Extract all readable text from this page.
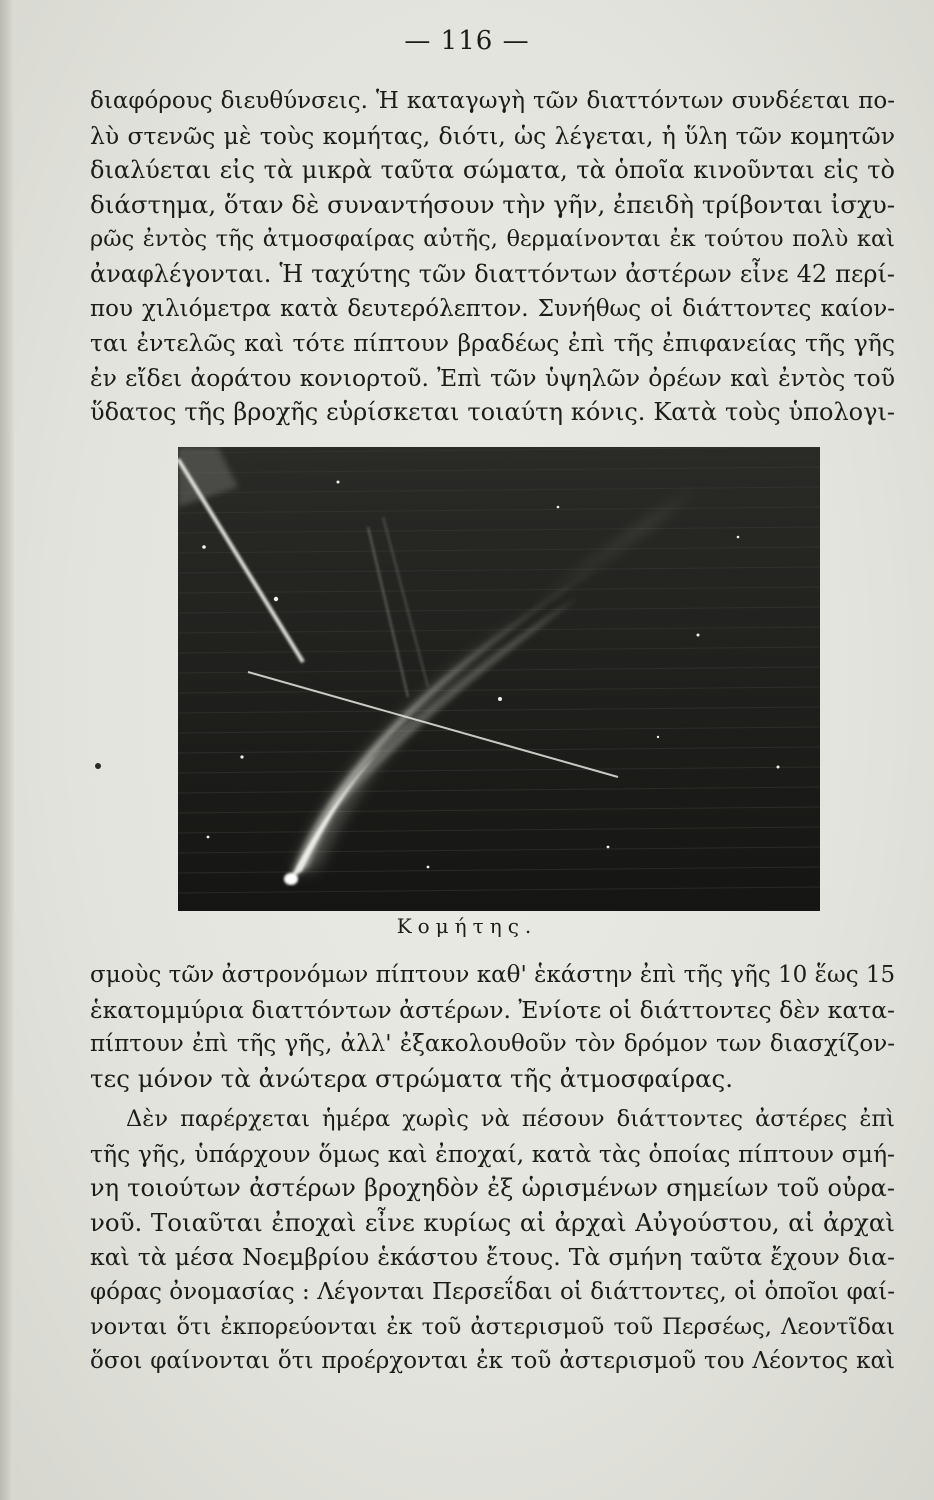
— 116 —

διαφόρους διευθύνσεις. Ἡ καταγωγὴ τῶν διαττόντων συνδέεται πο-
λὺ στενῶς μὲ τοὺς κομήτας, διότι, ὡς λέγεται, ἡ ὕλη τῶν κομητῶν
διαλύεται εἰς τὰ μικρὰ ταῦτα σώματα, τὰ ὁποῖα κινοῦνται εἰς τὸ
διάστημα, ὅταν δὲ συναντήσουν τὴν γῆν, ἐπειδὴ τρίβονται ἰσχυ-
ρῶς ἐντὸς τῆς ἀτμοσφαίρας αὐτῆς, θερμαίνονται ἐκ τούτου πολὺ καὶ
ἀναφλέγονται. Ἡ ταχύτης τῶν διαττόντων ἀστέρων εἶνε 42 περί-
που χιλιόμετρα κατὰ δευτερόλεπτον. Συνήθως οἱ διάττοντες καίον-
ται ἐντελῶς καὶ τότε πίπτουν βραδέως ἐπὶ τῆς ἐπιφανείας τῆς γῆς
ἐν εἴδει ἀοράτου κονιορτοῦ. Ἐπὶ τῶν ὑψηλῶν ὀρέων καὶ ἐντὸς τοῦ
ὕδατος τῆς βροχῆς εὑρίσκεται τοιαύτη κόνις. Κατὰ τοὺς ὑπολογι-

Κομήτης.

σμοὺς τῶν ἀστρονόμων πίπτουν καθ' ἑκάστην ἐπὶ τῆς γῆς 10 ἕως 15
ἑκατομμύρια διαττόντων ἀστέρων. Ἐνίοτε οἱ διάττοντες δὲν κατα-
πίπτουν ἐπὶ τῆς γῆς, ἀλλ' ἐξακολουθοῦν τὸν δρόμον των διασχίζον-
τες μόνον τὰ ἀνώτερα στρώματα τῆς ἀτμοσφαίρας.

Δὲν παρέρχεται ἡμέρα χωρὶς νὰ πέσουν διάττοντες ἀστέρες ἐπὶ
τῆς γῆς, ὑπάρχουν ὅμως καὶ ἐποχαί, κατὰ τὰς ὁποίας πίπτουν σμή-
νη τοιούτων ἀστέρων βροχηδὸν ἐξ ὡρισμένων σημείων τοῦ οὐρα-
νοῦ. Τοιαῦται ἐποχαὶ εἶνε κυρίως αἱ ἀρχαὶ Αὐγούστου, αἱ ἀρχαὶ
καὶ τὰ μέσα Νοεμβρίου ἑκάστου ἔτους. Τὰ σμήνη ταῦτα ἔχουν δια-
φόρας ὀνομασίας : Λέγονται Περσεΐδαι οἱ διάττοντες, οἱ ὁποῖοι φαί-
νονται ὅτι ἐκπορεύονται ἐκ τοῦ ἀστερισμοῦ τοῦ Περσέως, Λεοντῖδαι
ὅσοι φαίνονται ὅτι προέρχονται ἐκ τοῦ ἀστερισμοῦ του Λέοντος καὶ
